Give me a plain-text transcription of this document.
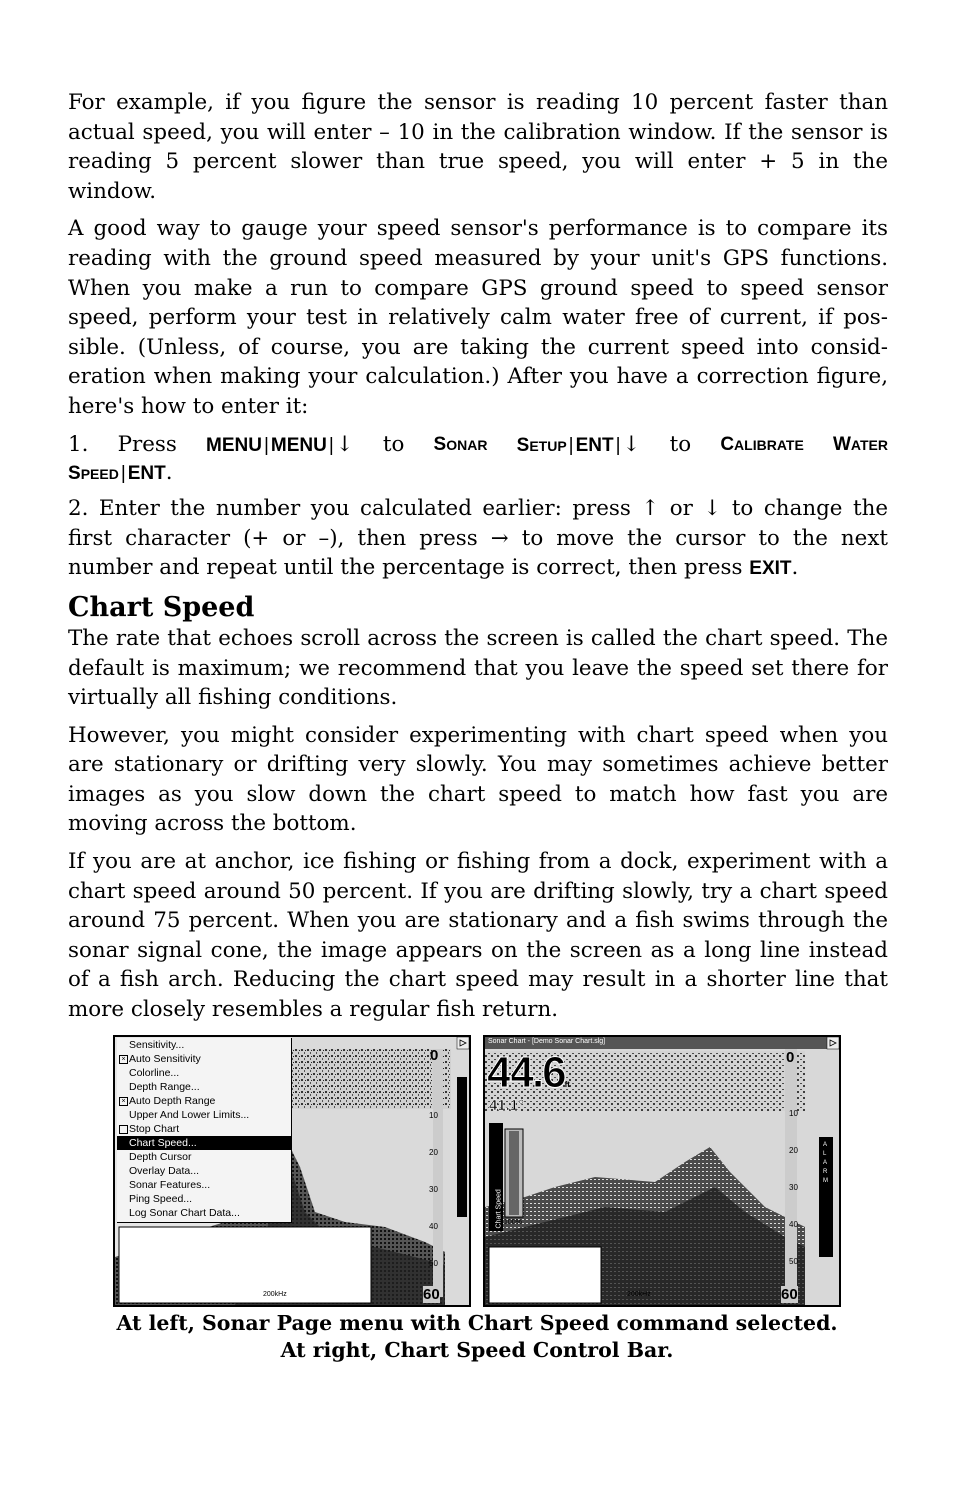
For example, if you figure the sensor is reading 10 percent faster than actual speed, you will enter – 10 in the calibration window. If the sensor is reading 5 percent slower than true speed, you will enter + 5 in the window.

A good way to gauge your speed sensor's performance is to compare its reading with the ground speed measured by your unit's GPS functions. When you make a run to compare GPS ground speed to speed sensor speed, perform your test in relatively calm water free of current, if possible. (Unless, of course, you are taking the current speed into consideration when making your calculation.) After you have a correction figure, here's how to enter it:

1. Press MENU | MENU |↓ to SONAR SETUP | ENT |↓ to CALIBRATE WATER
SPEED | ENT.

2. Enter the number you calculated earlier: press ↑ or ↓ to change the first character (+ or –), then press → to move the cursor to the next number and repeat until the percentage is correct, then press EXIT.

Chart Speed

The rate that echoes scroll across the screen is called the chart speed. The default is maximum; we recommend that you leave the speed set there for virtually all fishing conditions.

However, you might consider experimenting with chart speed when you are stationary or drifting very slowly. You may sometimes achieve better images as you slow down the chart speed to match how fast you are moving across the bottom.

If you are at anchor, ice fishing or fishing from a dock, experiment with a chart speed around 50 percent. If you are drifting slowly, try a chart speed around 75 percent. When you are stationary and a fish swims through the sonar signal cone, the image appears on the screen as a long line instead of a fish arch. Reducing the chart speed may result in a shorter line that more closely resembles a regular fish return.

0
60
200kHz
10
20
30
40
50
Sensitivity...
× Auto Sensitivity
Colorline...
Depth Range...
× Auto Depth Range
Upper And Lower Limits...
Stop Chart
Chart Speed...
Depth Cursor
Overlay Data...
Sonar Features...
Ping Speed...
Log Sonar Chart Data...
Sonar Chart - [Demo Sonar Chart.slg]
44.6ft
41.1°
Chart Speed 100%
0
60
200kHz
10
20
30
40
50
ALARM
At left, Sonar Page menu with Chart Speed command selected.
At right, Chart Speed Control Bar.
